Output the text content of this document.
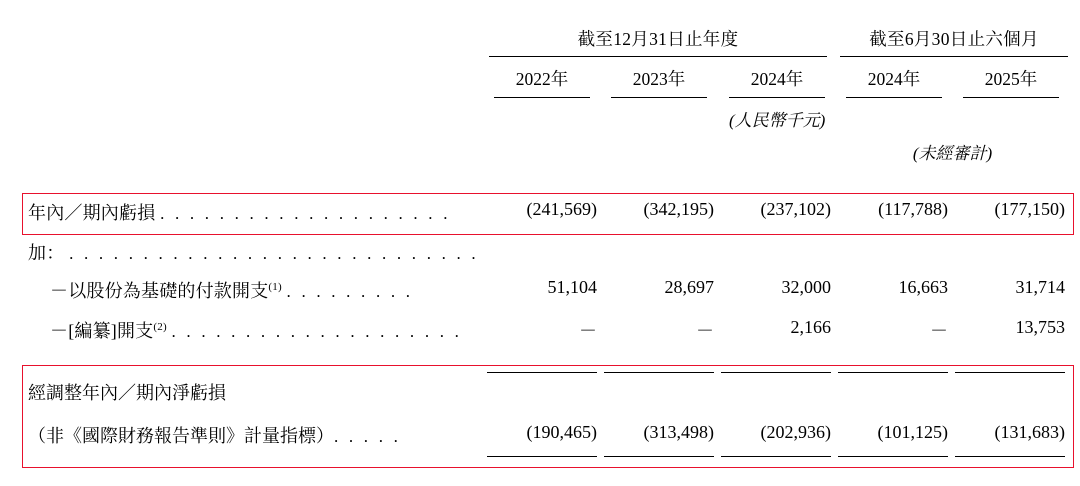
截至12月31日止年度	截至6月30日止六個月
2022年	2023年	2024年	2024年	2025年
(人民幣千元)
(未經審計)
年內／期內虧損 . . . . . . . . . . . . . . . . . . . .	(241,569)	(342,195)	(237,102)	(117,788)	(177,150)
加： . . . . . . . . . . . . . . . . . . . . . . . . . . . .
－以股份為基礎的付款開支$^{(1)}$ . . . . . . . . .	51,104	28,697	32,000	16,663	31,714
－[編纂]開支$^{(2)}$ . . . . . . . . . . . . . . . . . . . .	－	－	2,166	－	13,753
經調整年內／期內淨虧損
（非《國際財務報告準則》計量指標）. . . . .	(190,465)	(313,498)	(202,936)	(101,125)	(131,683)
